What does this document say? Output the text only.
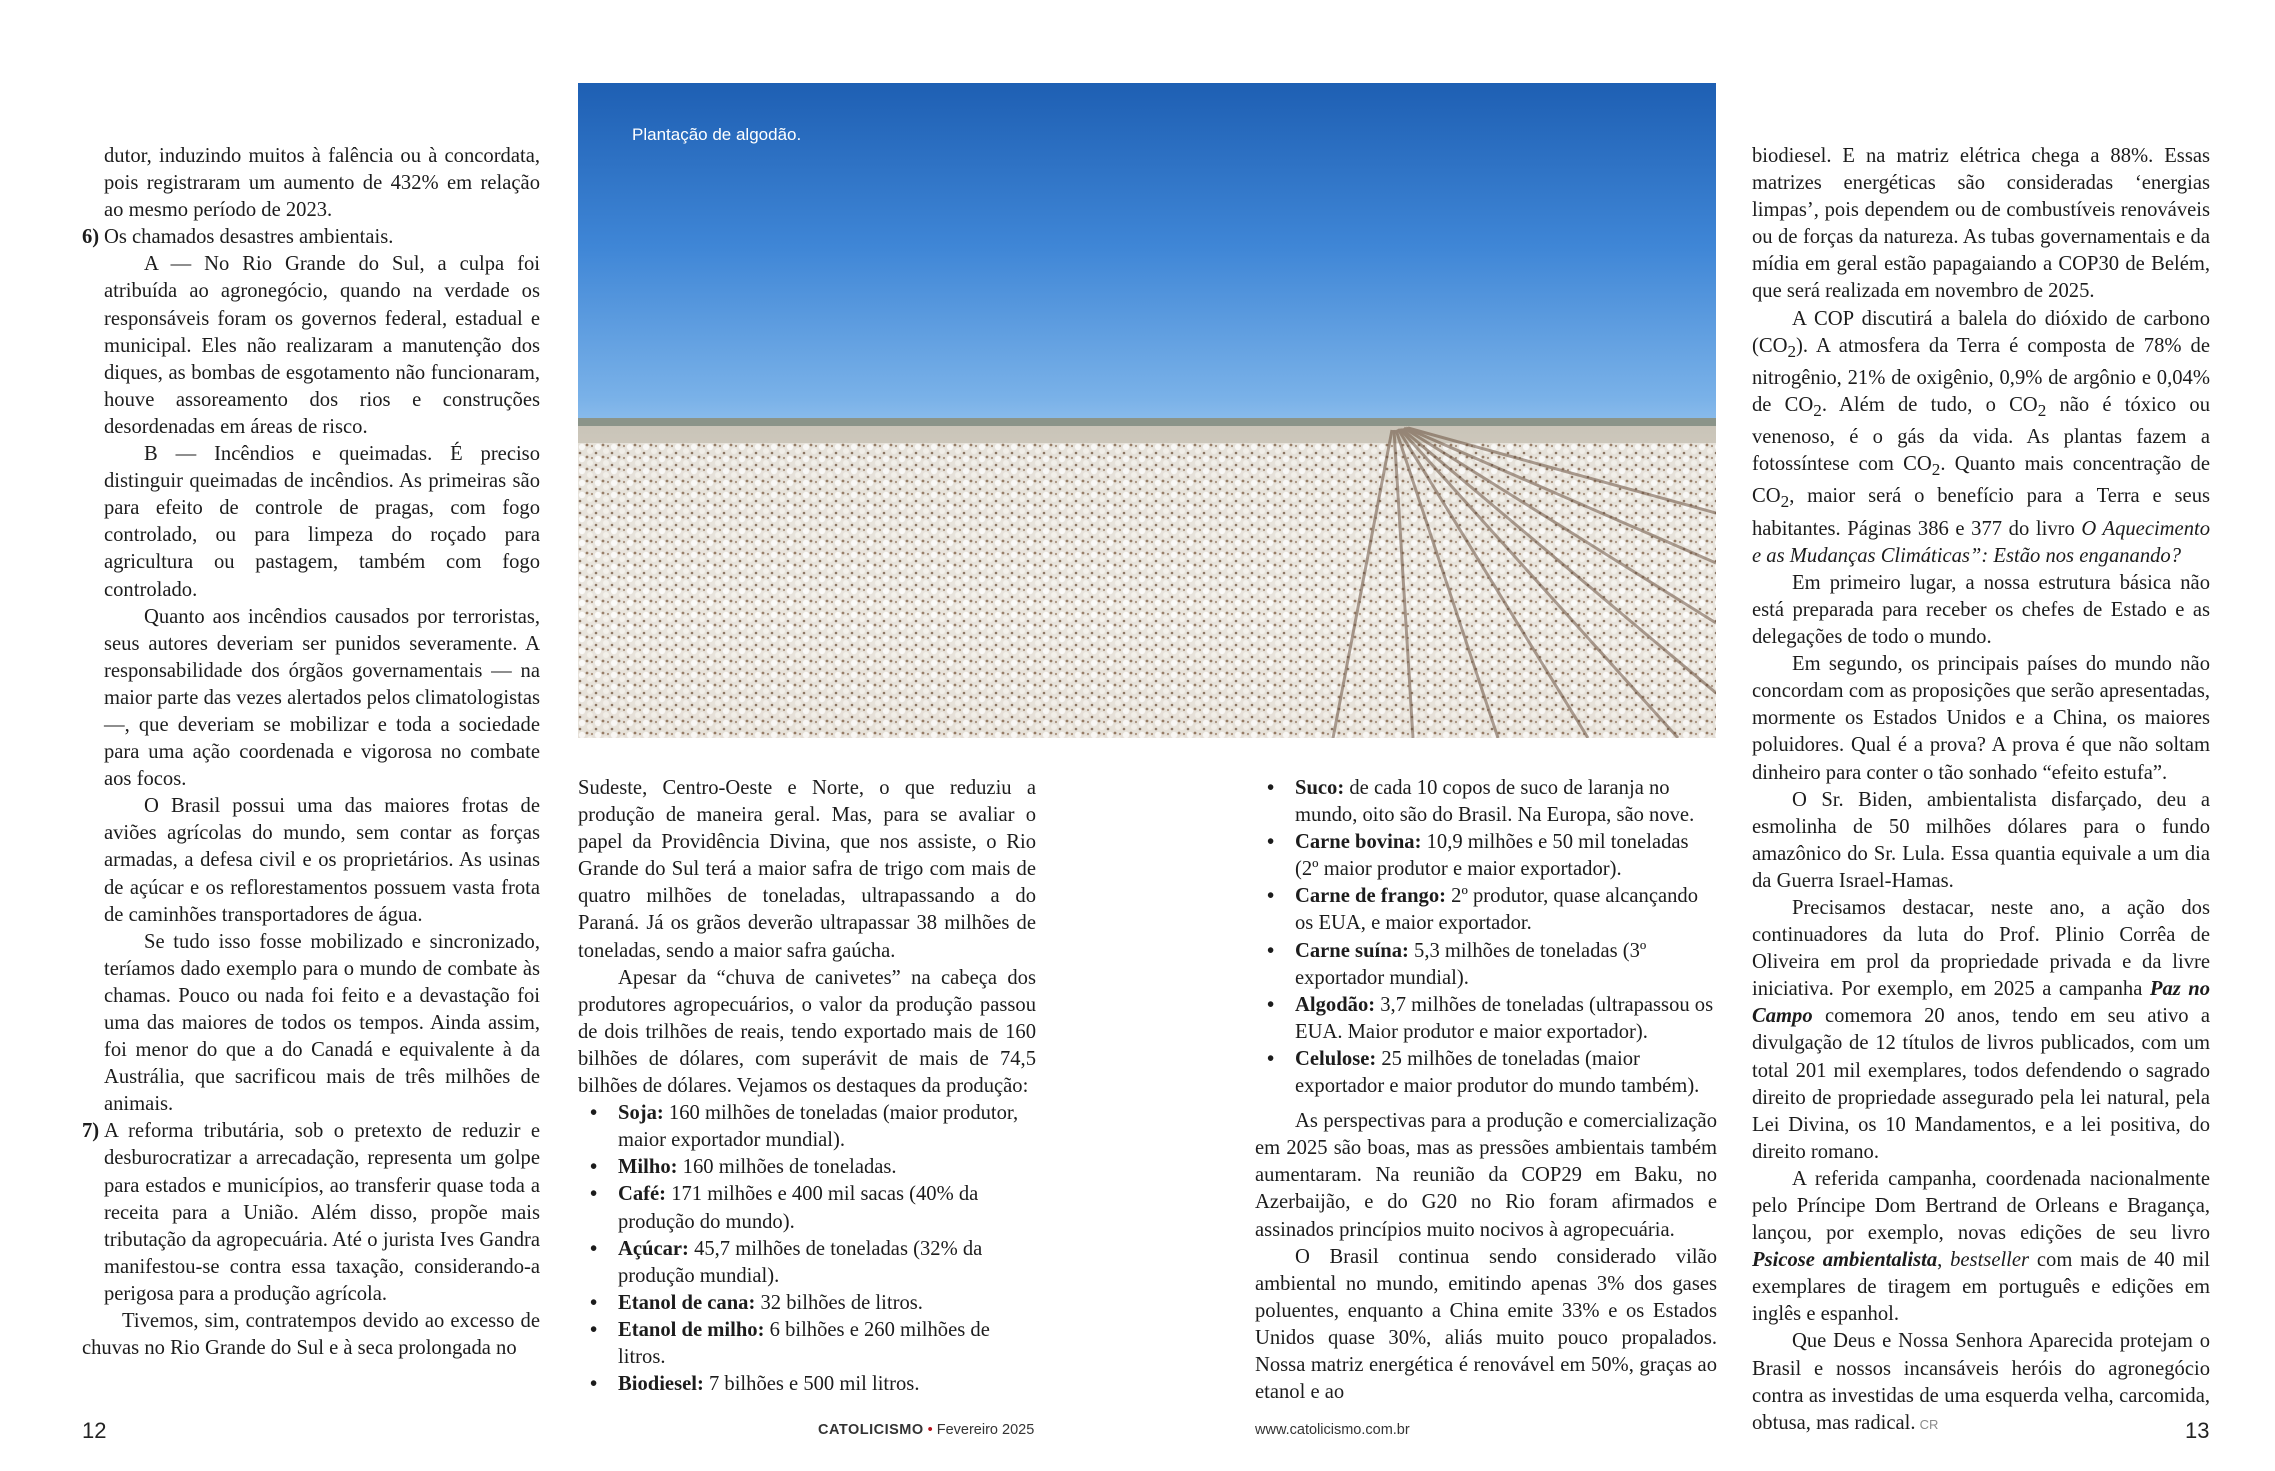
Plantação de algodão.

dutor, induzindo muitos à falência ou à concordata, pois registraram um aumento de 432% em relação ao mesmo período de 2023.

6) Os chamados desastres ambientais.

A — No Rio Grande do Sul, a culpa foi atribuída ao agronegócio, quando na verdade os responsáveis foram os governos federal, estadual e municipal. Eles não realizaram a manutenção dos diques, as bombas de esgotamento não funcionaram, houve assoreamento dos rios e construções desordenadas em áreas de risco.

B — Incêndios e queimadas. É preciso distinguir queimadas de incêndios. As primeiras são para efeito de controle de pragas, com fogo controlado, ou para limpeza do roçado para agricultura ou pastagem, também com fogo controlado.

Quanto aos incêndios causados por terroristas, seus autores deveriam ser punidos severamente. A responsabilidade dos órgãos governamentais — na maior parte das vezes alertados pelos climatologistas —, que deveriam se mobilizar e toda a sociedade para uma ação coordenada e vigorosa no combate aos focos.

O Brasil possui uma das maiores frotas de aviões agrícolas do mundo, sem contar as forças armadas, a defesa civil e os proprietários. As usinas de açúcar e os reflorestamentos possuem vasta frota de caminhões transportadores de água.

Se tudo isso fosse mobilizado e sincronizado, teríamos dado exemplo para o mundo de combate às chamas. Pouco ou nada foi feito e a devastação foi uma das maiores de todos os tempos. Ainda assim, foi menor do que a do Canadá e equivalente à da Austrália, que sacrificou mais de três milhões de animais.

7) A reforma tributária, sob o pretexto de reduzir e desburocratizar a arrecadação, representa um golpe para estados e municípios, ao transferir quase toda a receita para a União. Além disso, propõe mais tributação da agropecuária. Até o jurista Ives Gandra manifestou-se contra essa taxação, considerando-a perigosa para a produção agrícola.

Tivemos, sim, contratempos devido ao excesso de chuvas no Rio Grande do Sul e à seca prolongada no

Sudeste, Centro-Oeste e Norte, o que reduziu a produção de maneira geral. Mas, para se avaliar o papel da Providência Divina, que nos assiste, o Rio Grande do Sul terá a maior safra de trigo com mais de quatro milhões de toneladas, ultrapassando a do Paraná. Já os grãos deverão ultrapassar 38 milhões de toneladas, sendo a maior safra gaúcha.

Apesar da “chuva de canivetes” na cabeça dos produtores agropecuários, o valor da produção passou de dois trilhões de reais, tendo exportado mais de 160 bilhões de dólares, com superávit de mais de 74,5 bilhões de dólares. Vejamos os destaques da produção:

• Soja: 160 milhões de toneladas (maior produtor, maior exportador mundial).
• Milho: 160 milhões de toneladas.
• Café: 171 milhões e 400 mil sacas (40% da produção do mundo).
• Açúcar: 45,7 milhões de toneladas (32% da produção mundial).
• Etanol de cana: 32 bilhões de litros.
• Etanol de milho: 6 bilhões e 260 milhões de litros.
• Biodiesel: 7 bilhões e 500 mil litros.
• Suco: de cada 10 copos de suco de laranja no mundo, oito são do Brasil. Na Europa, são nove.
• Carne bovina: 10,9 milhões e 50 mil toneladas (2º maior produtor e maior exportador).
• Carne de frango: 2º produtor, quase alcançando os EUA, e maior exportador.
• Carne suína: 5,3 milhões de toneladas (3º exportador mundial).
• Algodão: 3,7 milhões de toneladas (ultrapassou os EUA. Maior produtor e maior exportador).
• Celulose: 25 milhões de toneladas (maior exportador e maior produtor do mundo também).

As perspectivas para a produção e comercialização em 2025 são boas, mas as pressões ambientais também aumentaram. Na reunião da COP29 em Baku, no Azerbaijão, e do G20 no Rio foram afirmados e assinados princípios muito nocivos à agropecuária.

O Brasil continua sendo considerado vilão ambiental no mundo, emitindo apenas 3% dos gases poluentes, enquanto a China emite 33% e os Estados Unidos quase 30%, aliás muito pouco propalados. Nossa matriz energética é renovável em 50%, graças ao etanol e ao

biodiesel. E na matriz elétrica chega a 88%. Essas matrizes energéticas são consideradas ‘energias limpas’, pois dependem ou de combustíveis renováveis ou de forças da natureza. As tubas governamentais e da mídia em geral estão papagaiando a COP30 de Belém, que será realizada em novembro de 2025.

A COP discutirá a balela do dióxido de carbono $(CO_2)$. A atmosfera da Terra é composta de 78% de nitrogênio, 21% de oxigênio, 0,9% de argônio e 0,04% de $CO_2$. Além de tudo, o $CO_2$ não é tóxico ou venenoso, é o gás da vida. As plantas fazem a fotossíntese com $CO_2$. Quanto mais concentração de $CO_2$, maior será o benefício para a Terra e seus habitantes. Páginas 386 e 377 do livro O Aquecimento e as Mudanças Climáticas”: Estão nos enganando?

Em primeiro lugar, a nossa estrutura básica não está preparada para receber os chefes de Estado e as delegações de todo o mundo.

Em segundo, os principais países do mundo não concordam com as proposições que serão apresentadas, mormente os Estados Unidos e a China, os maiores poluidores. Qual é a prova? A prova é que não soltam dinheiro para conter o tão sonhado “efeito estufa”.

O Sr. Biden, ambientalista disfarçado, deu a esmolinha de 50 milhões dólares para o fundo amazônico do Sr. Lula. Essa quantia equivale a um dia da Guerra Israel-Hamas.

Precisamos destacar, neste ano, a ação dos continuadores da luta do Prof. Plinio Corrêa de Oliveira em prol da propriedade privada e da livre iniciativa. Por exemplo, em 2025 a campanha Paz no Campo comemora 20 anos, tendo em seu ativo a divulgação de 12 títulos de livros publicados, com um total 201 mil exemplares, todos defendendo o sagrado direito de propriedade assegurado pela lei natural, pela Lei Divina, os 10 Mandamentos, e a lei positiva, do direito romano.

A referida campanha, coordenada nacionalmente pelo Príncipe Dom Bertrand de Orleans e Bragança, lançou, por exemplo, novas edições de seu livro Psicose ambientalista, bestseller com mais de 40 mil exemplares de tiragem em português e edições em inglês e espanhol.

Que Deus e Nossa Senhora Aparecida protejam o Brasil e nossos incansáveis heróis do agronegócio contra as investidas de uma esquerda velha, carcomida, obtusa, mas radical. CR

12	CATOLICISMO • Fevereiro 2025	www.catolicismo.com.br	13
